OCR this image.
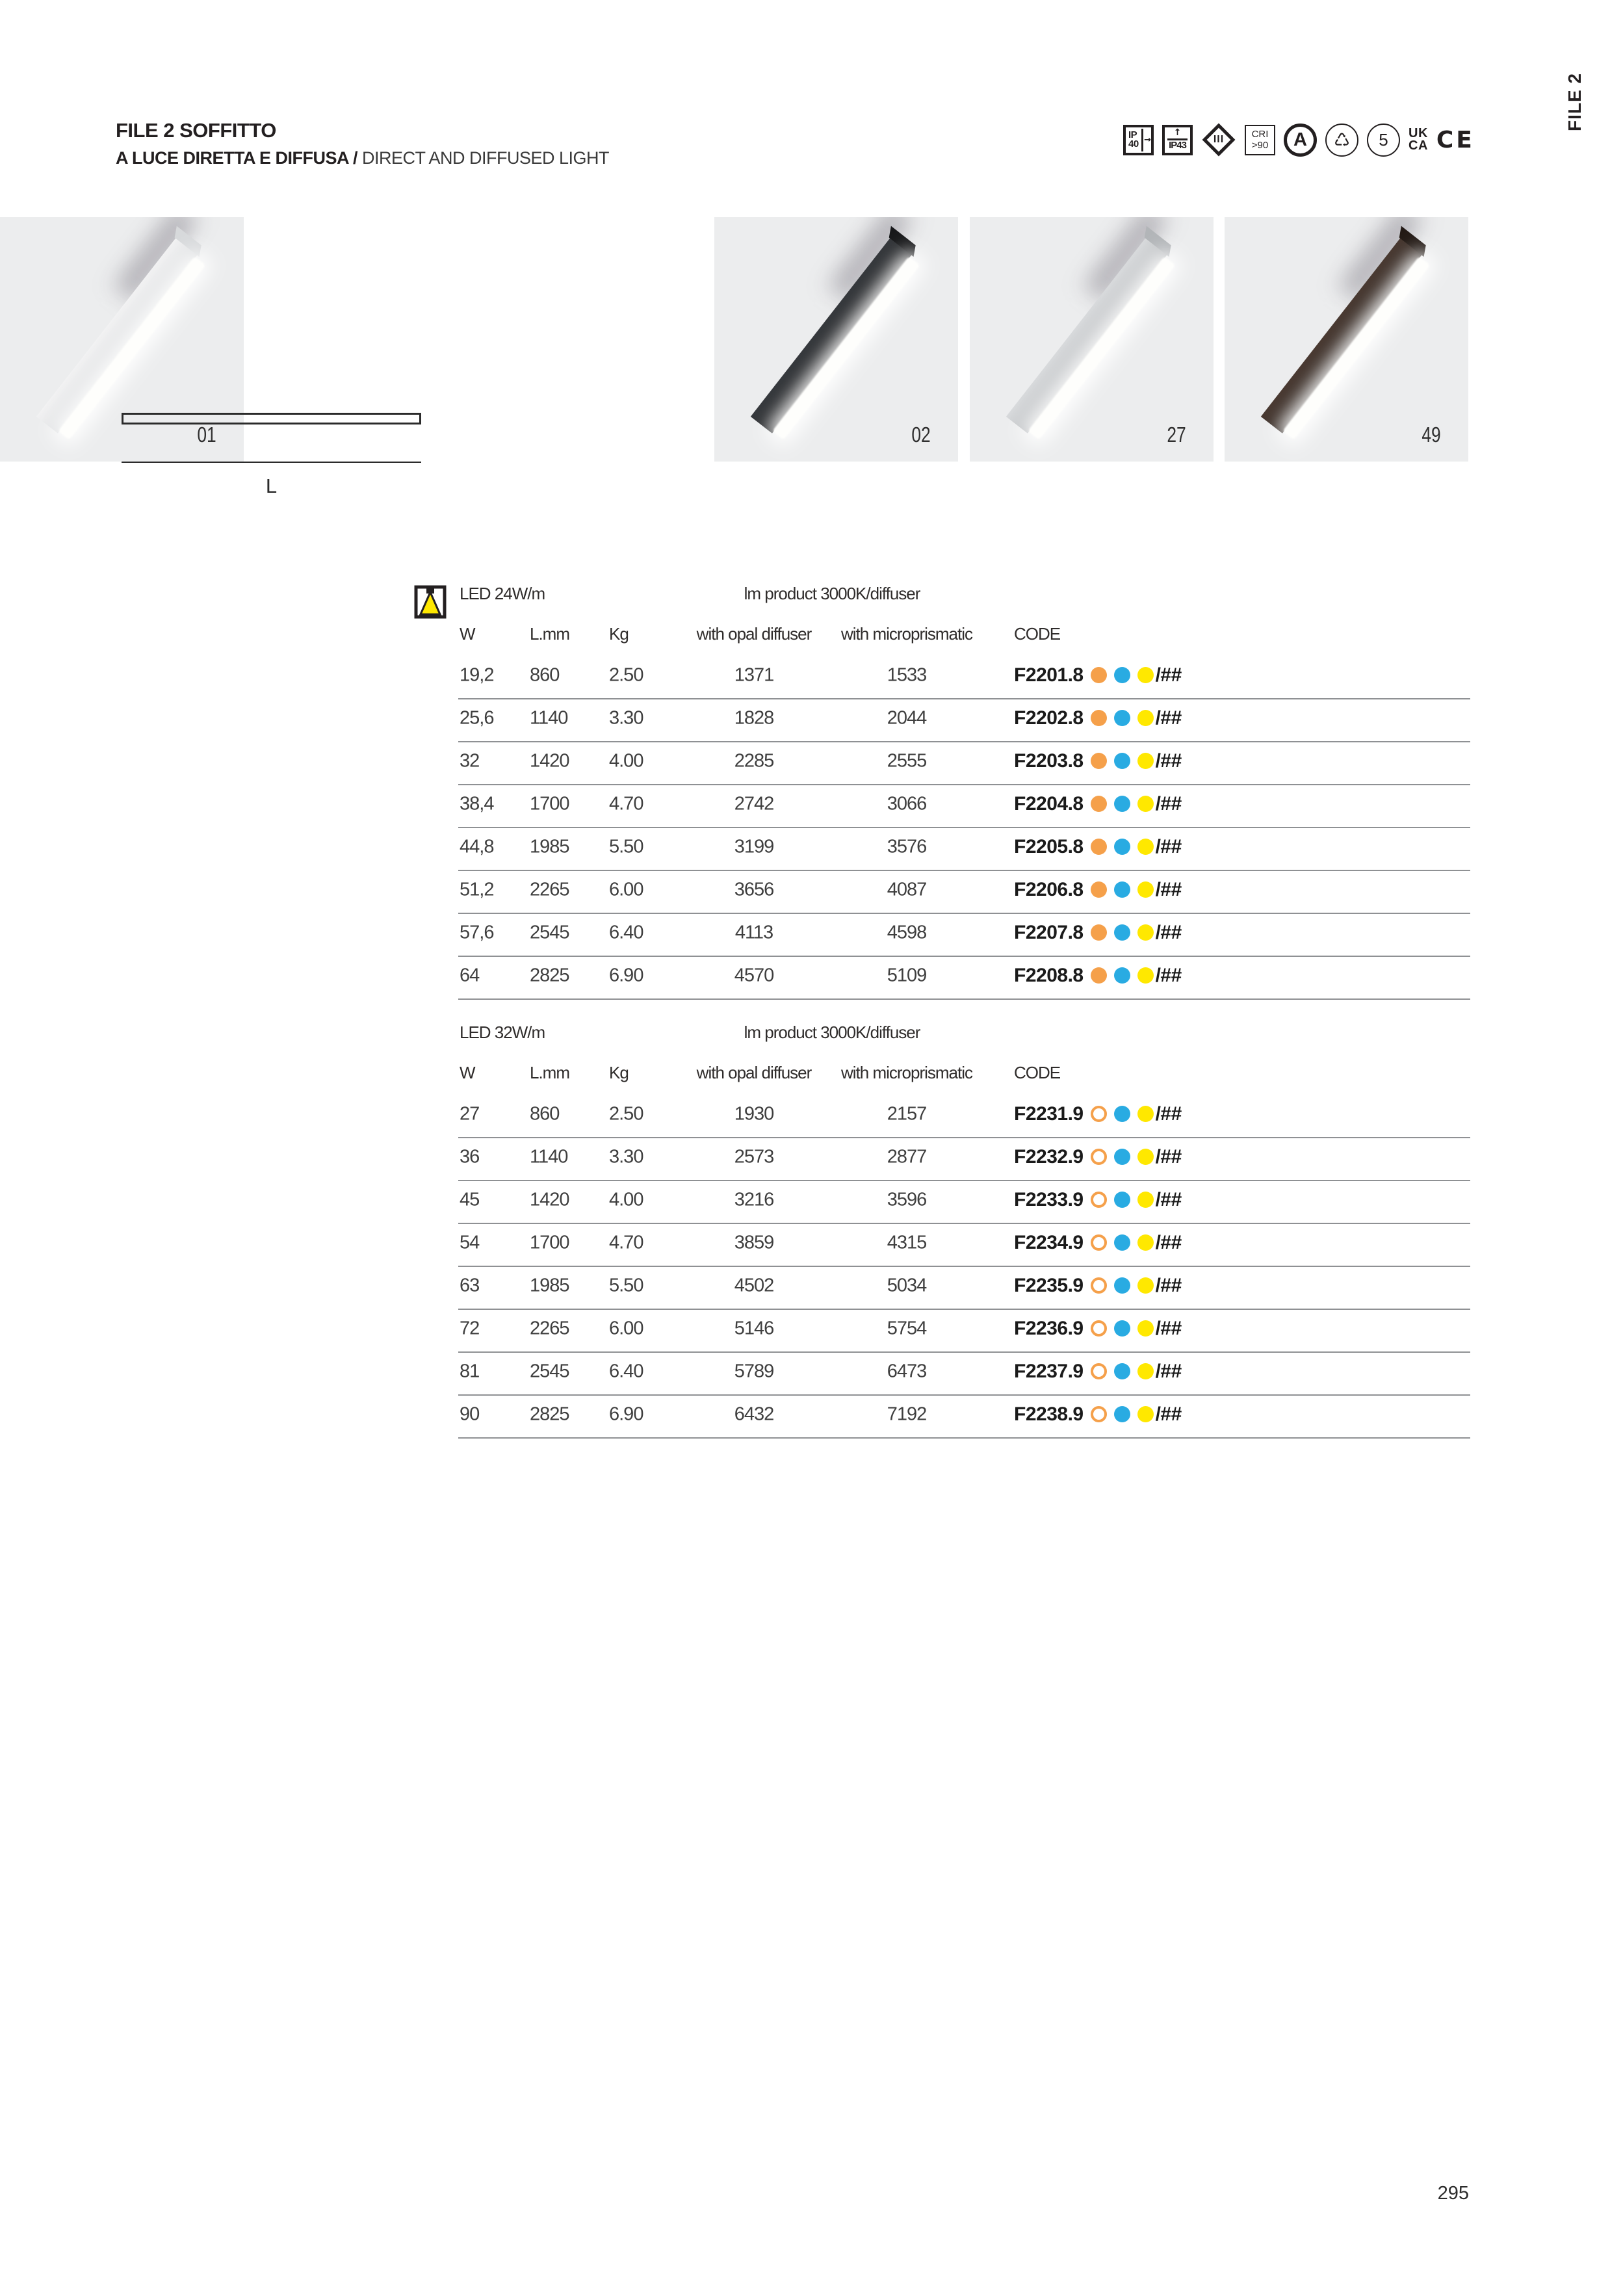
FILE 2 SOFFITTO
A LUCE DIRETTA E DIFFUSA / DIRECT AND DIFFUSED LIGHT
FILE 2
IP
40 →
↑
IP43	III	CRI
>90	A	♺	5	UK
CA CE
01	02	27	49
L
LED 24W/m	lm product 3000K/diffuser
W	L.mm	Kg	with opal diffuser	with microprismatic	CODE
19,2	860	2.50	1371	1533	F2201.8	/##
25,6	1140	3.30	1828	2044	F2202.8	/##
32	1420	4.00	2285	2555	F2203.8	/##
38,4	1700	4.70	2742	3066	F2204.8	/##
44,8	1985	5.50	3199	3576	F2205.8	/##
51,2	2265	6.00	3656	4087	F2206.8	/##
57,6	2545	6.40	4113	4598	F2207.8	/##
64	2825	6.90	4570	5109	F2208.8	/##
LED 32W/m	lm product 3000K/diffuser
W	L.mm	Kg	with opal diffuser	with microprismatic	CODE
27	860	2.50	1930	2157	F2231.9	/##
36	1140	3.30	2573	2877	F2232.9	/##
45	1420	4.00	3216	3596	F2233.9	/##
54	1700	4.70	3859	4315	F2234.9	/##
63	1985	5.50	4502	5034	F2235.9	/##
72	2265	6.00	5146	5754	F2236.9	/##
81	2545	6.40	5789	6473	F2237.9	/##
90	2825	6.90	6432	7192	F2238.9	/##
295
